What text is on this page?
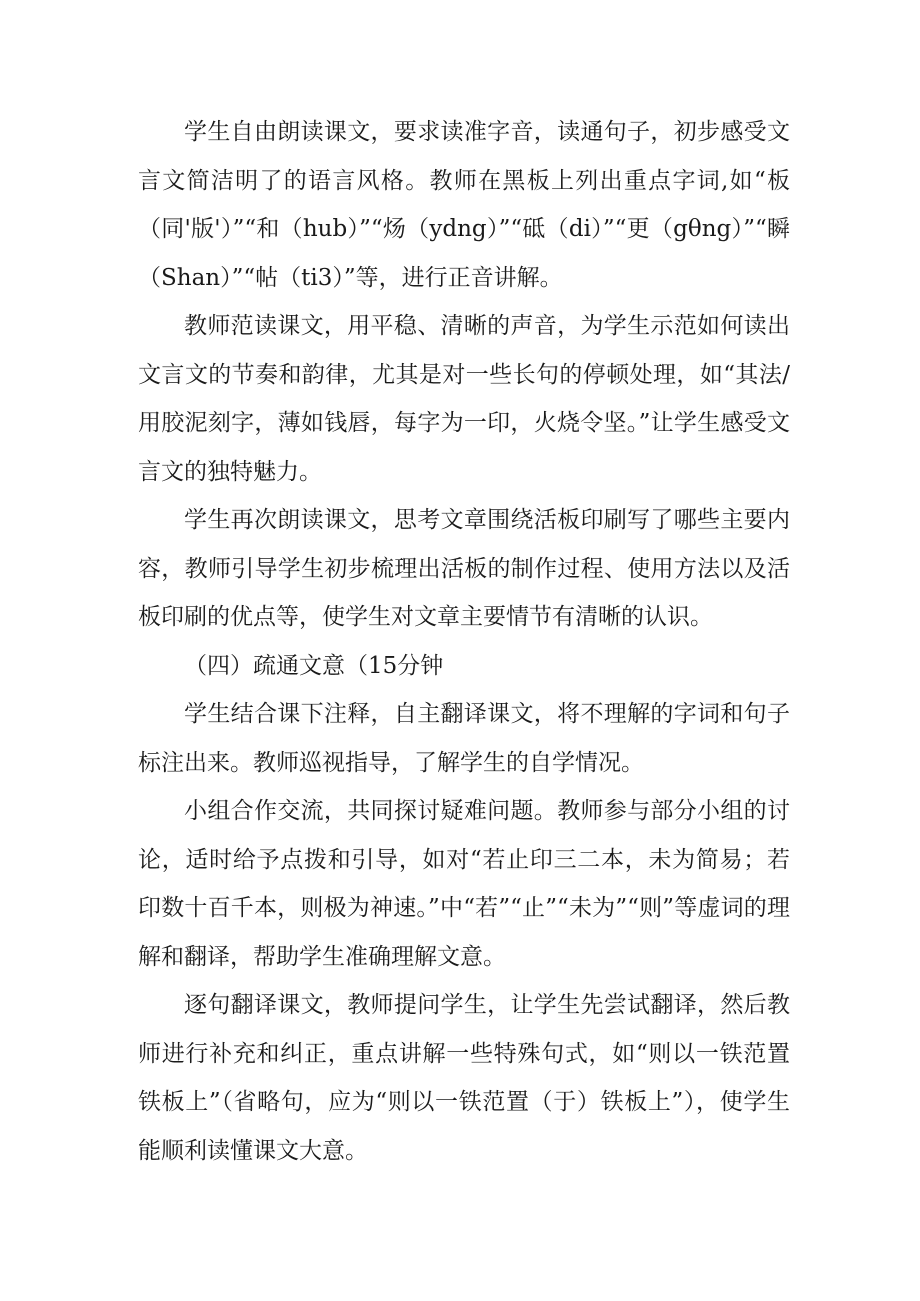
学生自由朗读课文，要求读准字音，读通句子，初步感受文言文简洁明了的语言风格。教师在黑板上列出重点字词,如“板（同'版'）”“和（hub）”“炀（ydng）”“砥（di）”“更（gθng）”“瞬（Shan）”“帖（ti3）”等，进行正音讲解。

教师范读课文，用平稳、清晰的声音，为学生示范如何读出文言文的节奏和韵律，尤其是对一些长句的停顿处理，如“其法/用胶泥刻字，薄如钱唇，每字为一印，火烧令坚。”让学生感受文言文的独特魅力。

学生再次朗读课文，思考文章围绕活板印刷写了哪些主要内容，教师引导学生初步梳理出活板的制作过程、使用方法以及活板印刷的优点等，使学生对文章主要情节有清晰的认识。

（四）疏通文意（15分钟

学生结合课下注释，自主翻译课文，将不理解的字词和句子标注出来。教师巡视指导，了解学生的自学情况。

小组合作交流，共同探讨疑难问题。教师参与部分小组的讨论，适时给予点拨和引导，如对“若止印三二本，未为简易；若印数十百千本，则极为神速。”中“若”“止”“未为”“则”等虚词的理解和翻译，帮助学生准确理解文意。

逐句翻译课文，教师提问学生，让学生先尝试翻译，然后教师进行补充和纠正，重点讲解一些特殊句式，如“则以一铁范置铁板上”（省略句，应为“则以一铁范置（于）铁板上”），使学生能顺利读懂课文大意。
